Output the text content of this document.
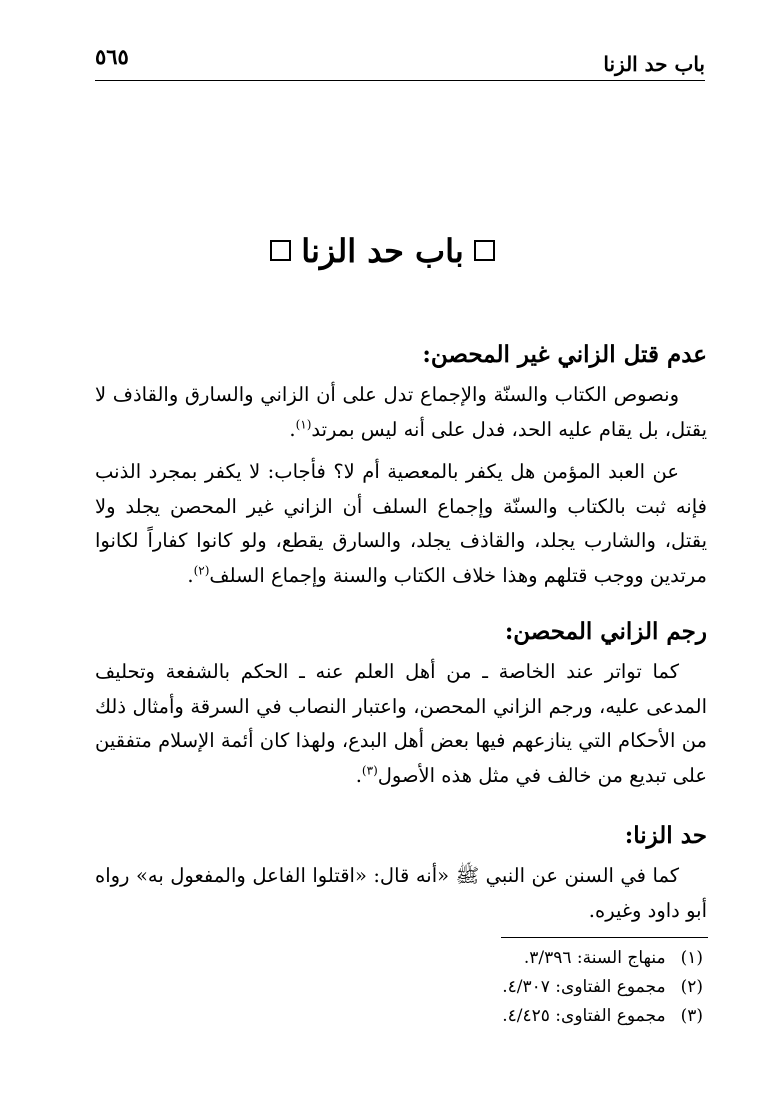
باب حد الزنا
٥٦٥
باب حد الزنا
عدم قتل الزاني غير المحصن:

ونصوص الكتاب والسنّة والإجماع تدل على أن الزاني والسارق والقاذف لا يقتل، بل يقام عليه الحد، فدل على أنه ليس بمرتد$^{(١)}$.

عن العبد المؤمن هل يكفر بالمعصية أم لا؟ فأجاب: لا يكفر بمجرد الذنب فإنه ثبت بالكتاب والسنّة وإجماع السلف أن الزاني غير المحصن يجلد ولا يقتل، والشارب يجلد، والقاذف يجلد، والسارق يقطع، ولو كانوا كفاراً لكانوا مرتدين ووجب قتلهم وهذا خلاف الكتاب والسنة وإجماع السلف$^{(٢)}$.

رجم الزاني المحصن:

كما تواتر عند الخاصة ـ من أهل العلم عنه ـ الحكم بالشفعة وتحليف المدعى عليه، ورجم الزاني المحصن، واعتبار النصاب في السرقة وأمثال ذلك من الأحكام التي ينازعهم فيها بعض أهل البدع، ولهذا كان أئمة الإسلام متفقين على تبديع من خالف في مثل هذه الأصول$^{(٣)}$.

حد الزنا:

كما في السنن عن النبي ﷺ «أنه قال: «اقتلوا الفاعل والمفعول به» رواه أبو داود وغيره.

(١) منهاج السنة: ٣/٣٩٦.
(٢) مجموع الفتاوى: ٤/٣٠٧.
(٣) مجموع الفتاوى: ٤/٤٢٥.
